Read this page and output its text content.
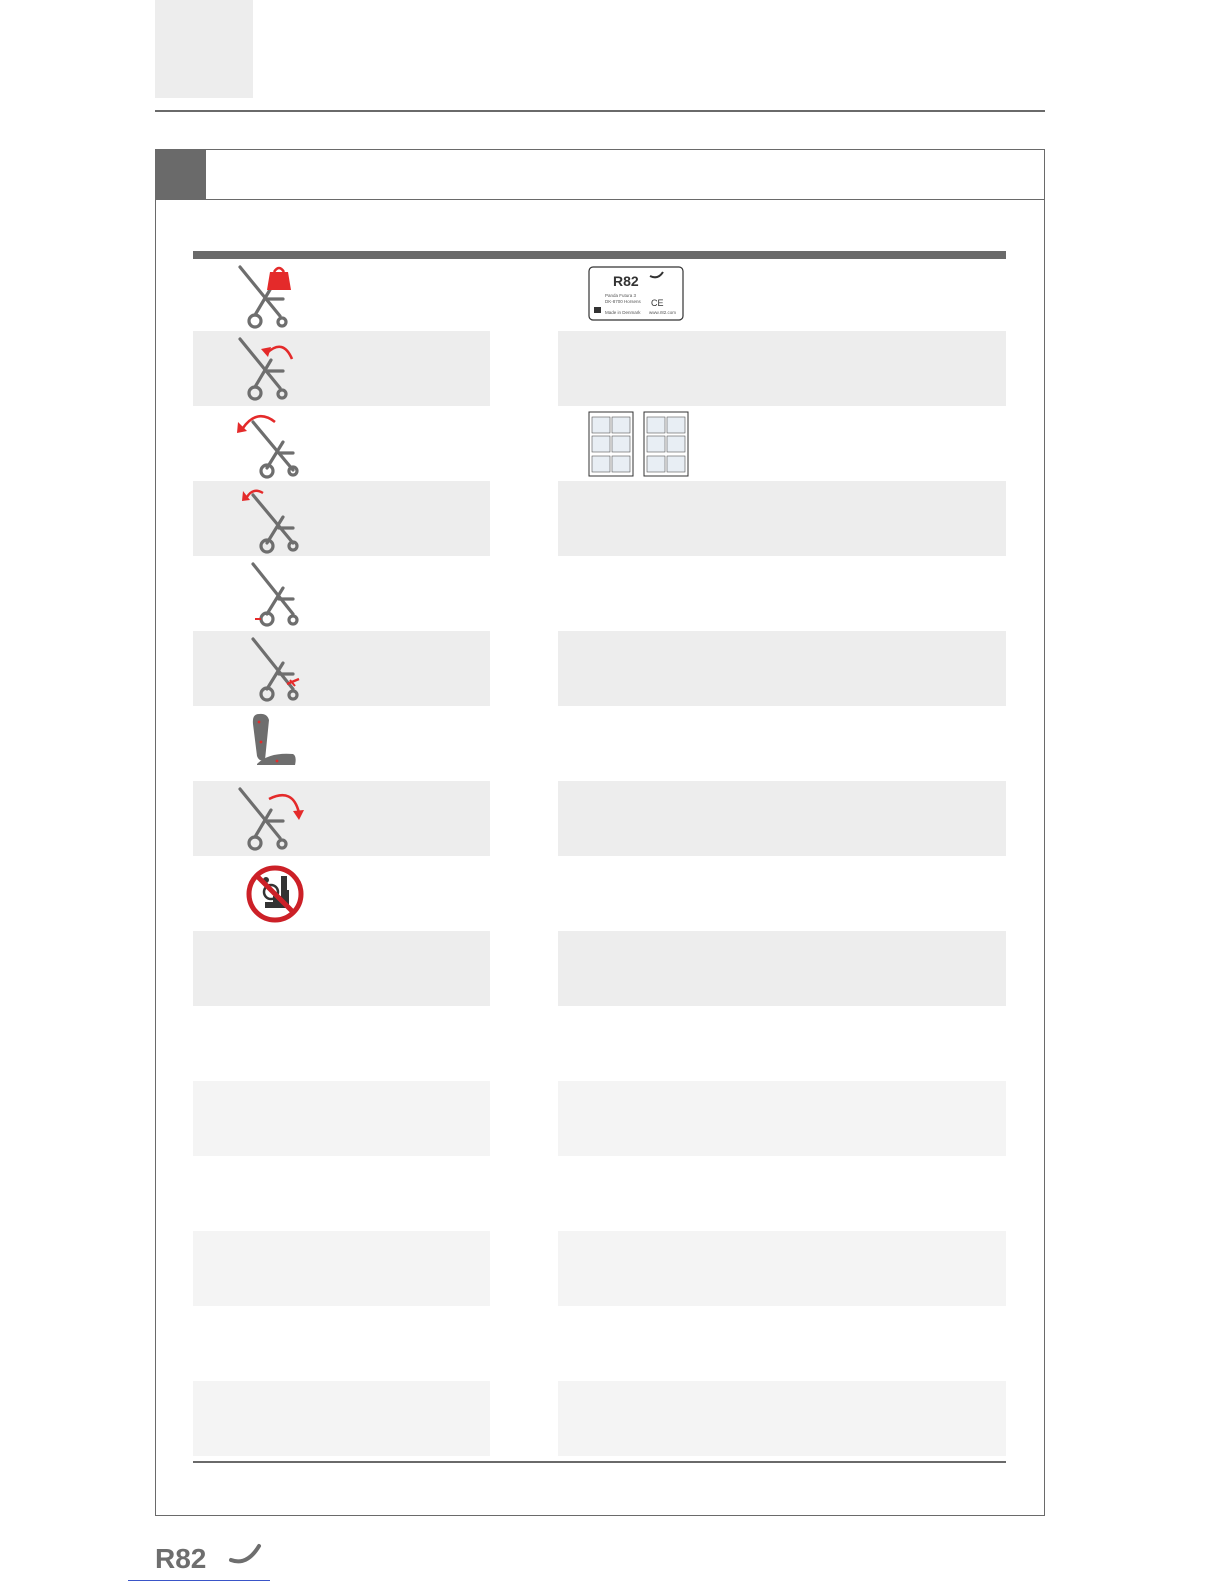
R82
Panda Futura 3
DK-8700 Horsens
Made in Denmark
CE
www.r82.com
R82
